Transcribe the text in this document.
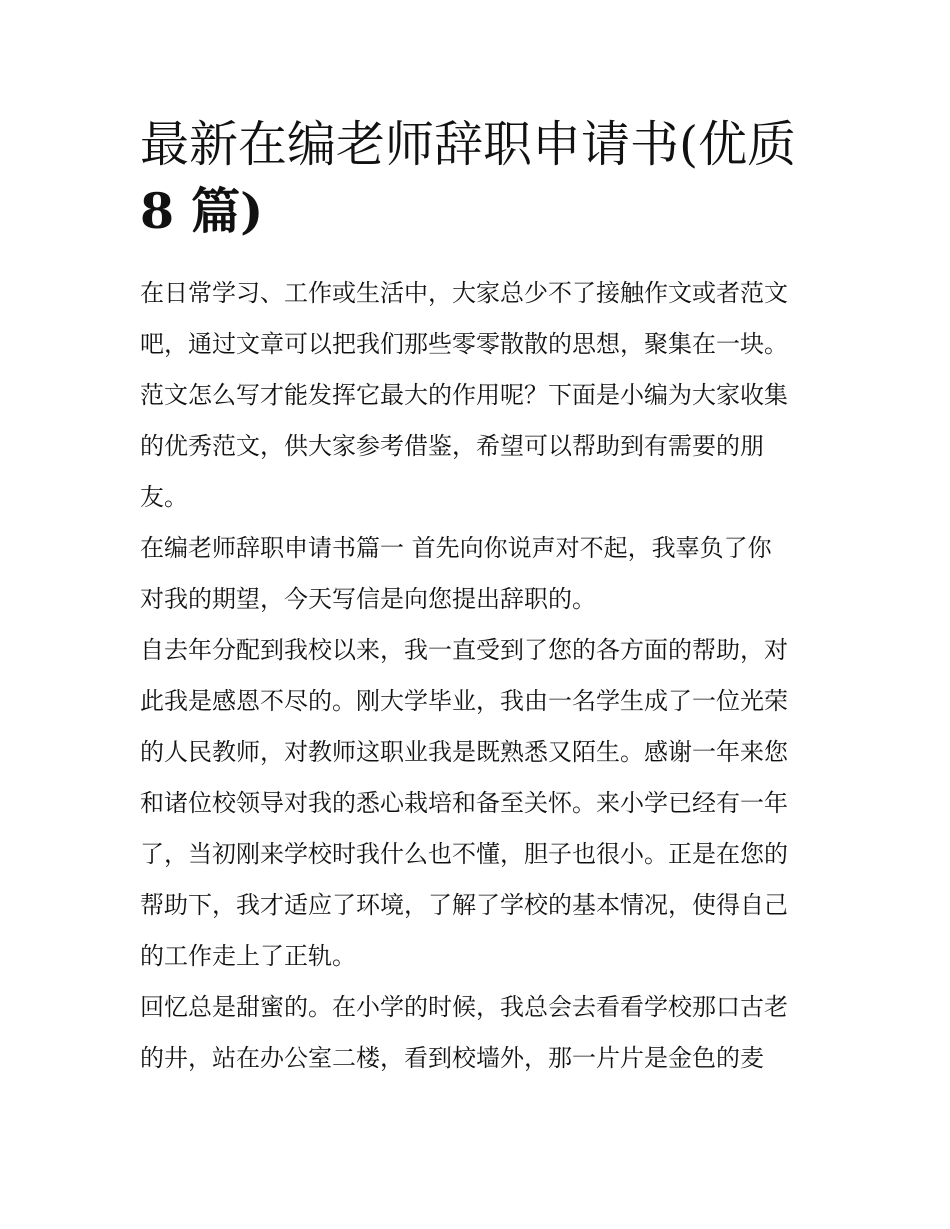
最新在编老师辞职申请书(优质
8 篇)

在日常学习、工作或生活中，大家总少不了接触作文或者范文
吧，通过文章可以把我们那些零零散散的思想，聚集在一块。
范文怎么写才能发挥它最大的作用呢？下面是小编为大家收集
的优秀范文，供大家参考借鉴，希望可以帮助到有需要的朋
友。

在编老师辞职申请书篇一 首先向你说声对不起，我辜负了你
对我的期望，今天写信是向您提出辞职的。

自去年分配到我校以来，我一直受到了您的各方面的帮助，对
此我是感恩不尽的。刚大学毕业，我由一名学生成了一位光荣
的人民教师，对教师这职业我是既熟悉又陌生。感谢一年来您
和诸位校领导对我的悉心栽培和备至关怀。来小学已经有一年
了，当初刚来学校时我什么也不懂，胆子也很小。正是在您的
帮助下，我才适应了环境，了解了学校的基本情况，使得自己
的工作走上了正轨。

回忆总是甜蜜的。在小学的时候，我总会去看看学校那口古老
的井，站在办公室二楼，看到校墙外，那一片片是金色的麦
